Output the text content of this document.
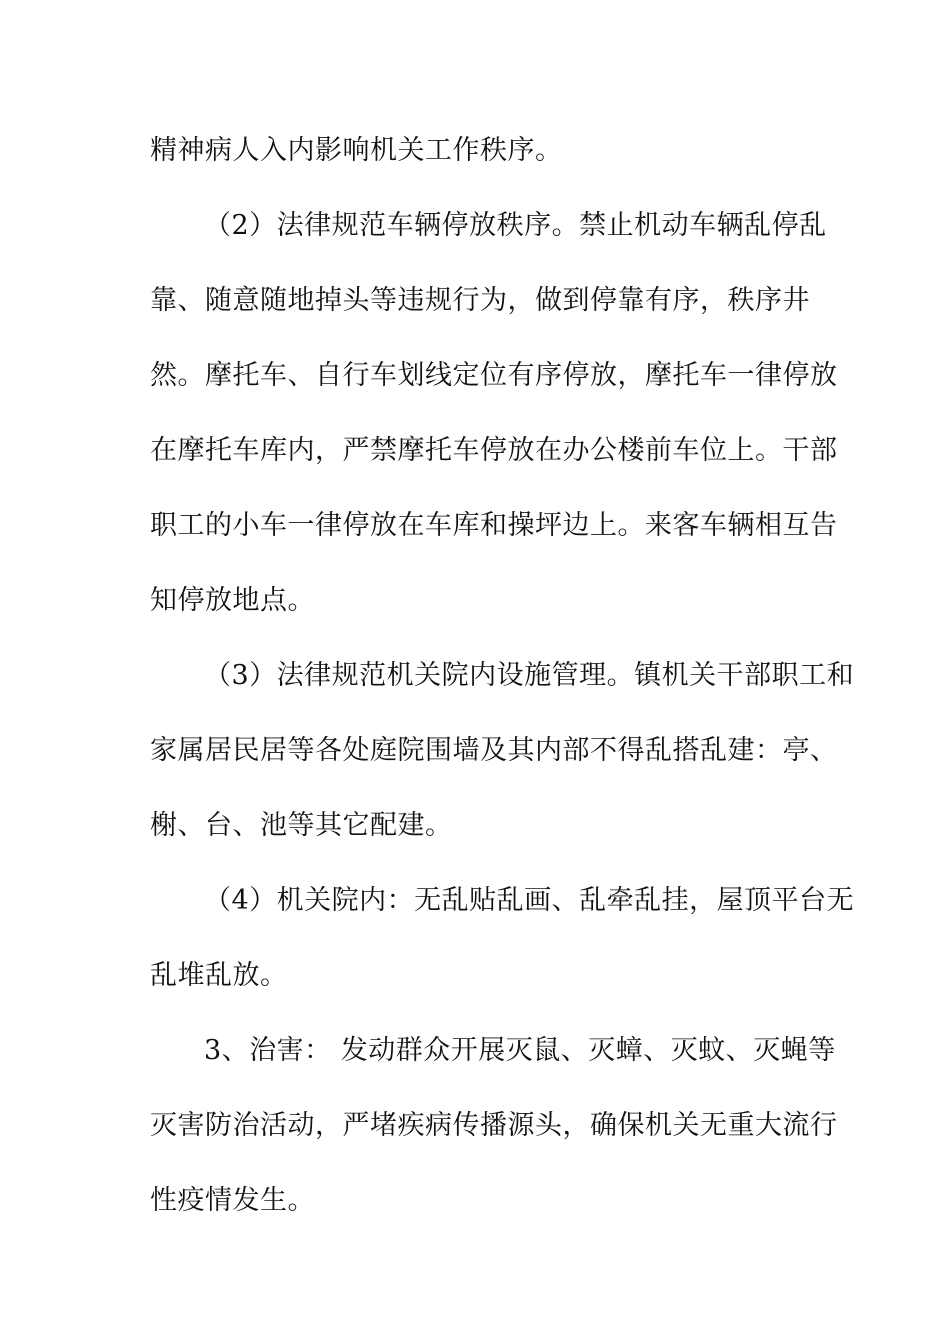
精神病人入内影响机关工作秩序。
（2）法律规范车辆停放秩序。禁止机动车辆乱停乱
靠、随意随地掉头等违规行为，做到停靠有序，秩序井
然。摩托车、自行车划线定位有序停放，摩托车一律停放
在摩托车库内，严禁摩托车停放在办公楼前车位上。干部
职工的小车一律停放在车库和操坪边上。来客车辆相互告
知停放地点。
（3）法律规范机关院内设施管理。镇机关干部职工和
家属居民居等各处庭院围墙及其内部不得乱搭乱建：亭、
榭、台、池等其它配建。
（4）机关院内：无乱贴乱画、乱牵乱挂，屋顶平台无
乱堆乱放。
3、治害： 发动群众开展灭鼠、灭蟑、灭蚊、灭蝇等
灭害防治活动，严堵疾病传播源头，确保机关无重大流行
性疫情发生。
